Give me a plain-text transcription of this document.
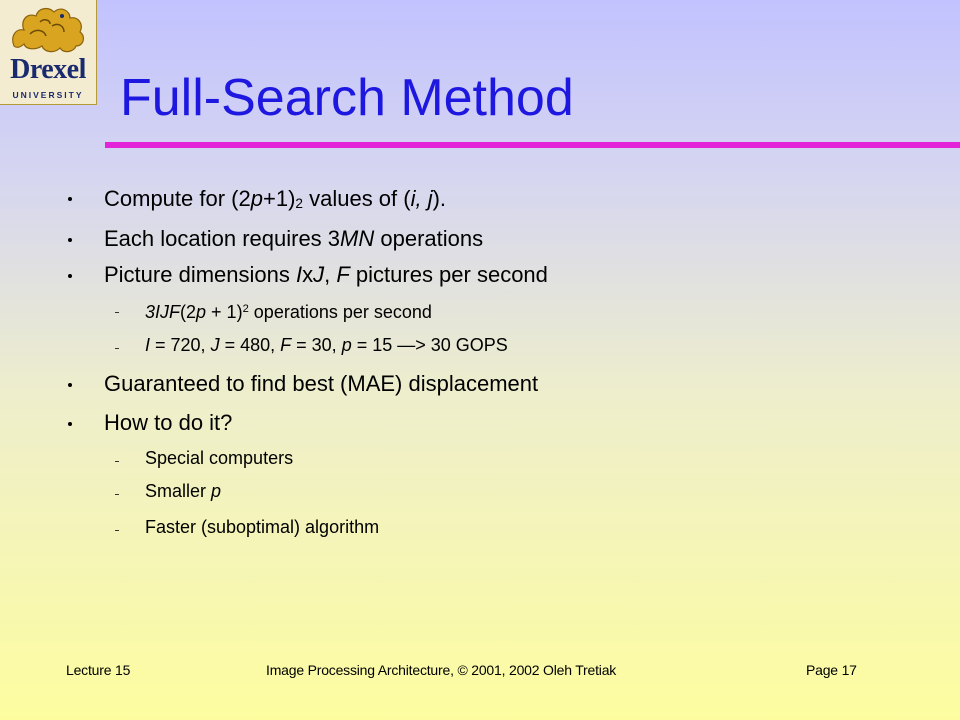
Drexel
UNIVERSITY Full-Search Method
Compute for $(2p+1)_2$ values of (i, j).
Each location requires 3MN operations
Picture dimensions IxJ, F pictures per second
$3IJF(2p + 1)^2$ operations per second
I = 720, J = 480, F = 30, p = 15 —> 30 GOPS
Guaranteed to find best (MAE) displacement
How to do it?
Special computers
Smaller p
Faster (suboptimal) algorithm
Lecture 15	Image Processing Architecture, © 2001, 2002 Oleh Tretiak	Page 17
